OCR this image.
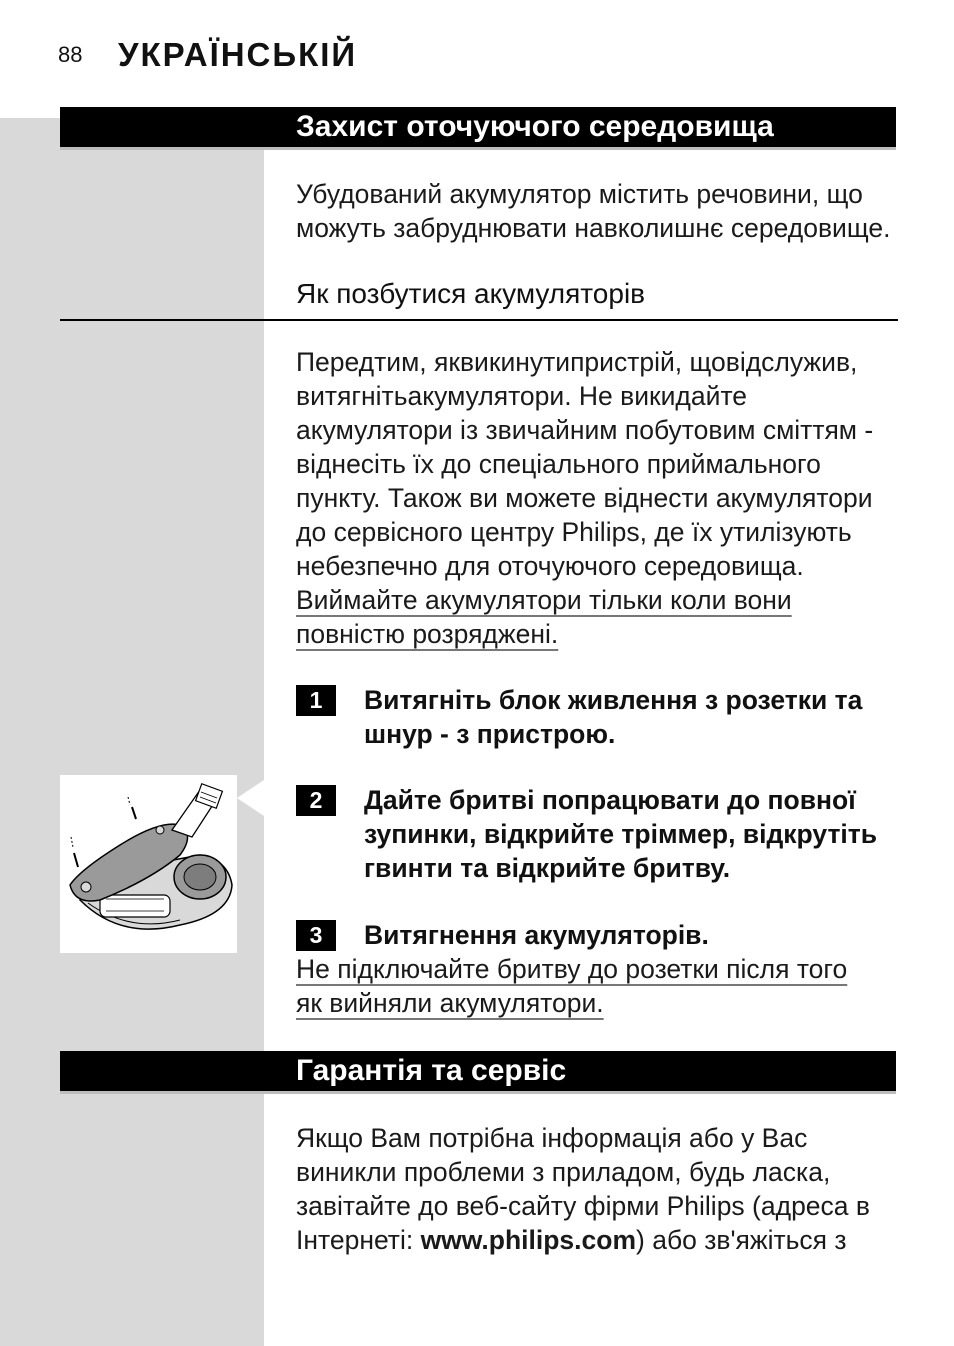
88 УКРАЇНСЬКІЙ
Захист оточуючого середовища
Убудований акумулятор містить речовини, що
можуть забруднювати навколишнє середовище.
Як позбутися акумуляторів
Передтим, яквикинутипристрій, щовідслужив,
витягнітьакумулятори. Не викидайте
акумулятори із звичайним побутовим сміттям -
віднесіть їх до спеціального приймального
пункту. Також ви можете віднести акумулятори
до сервісного центру Philips, де їх утилізують
небезпечно для оточуючого середовища.
Виймайте акумулятори тільки коли вони
повністю розряджені.
1	Витягніть блок живлення з розетки та
шнур - з пристрою.
2	Дайте бритві попрацювати до повної
зупинки, відкрийте тріммер, відкрутіть
гвинти та відкрийте бритву.
3	Витягнення акумуляторів.
Не підключайте бритву до розетки після того
як вийняли акумулятори.
Гарантія та сервіс
Якщо Вам потрібна інформація або у Вас
виникли проблеми з приладом, будь ласка,
завітайте до веб-сайту фірми Philips (адреса в
Інтернеті: www.philips.com) або зв'яжіться з
